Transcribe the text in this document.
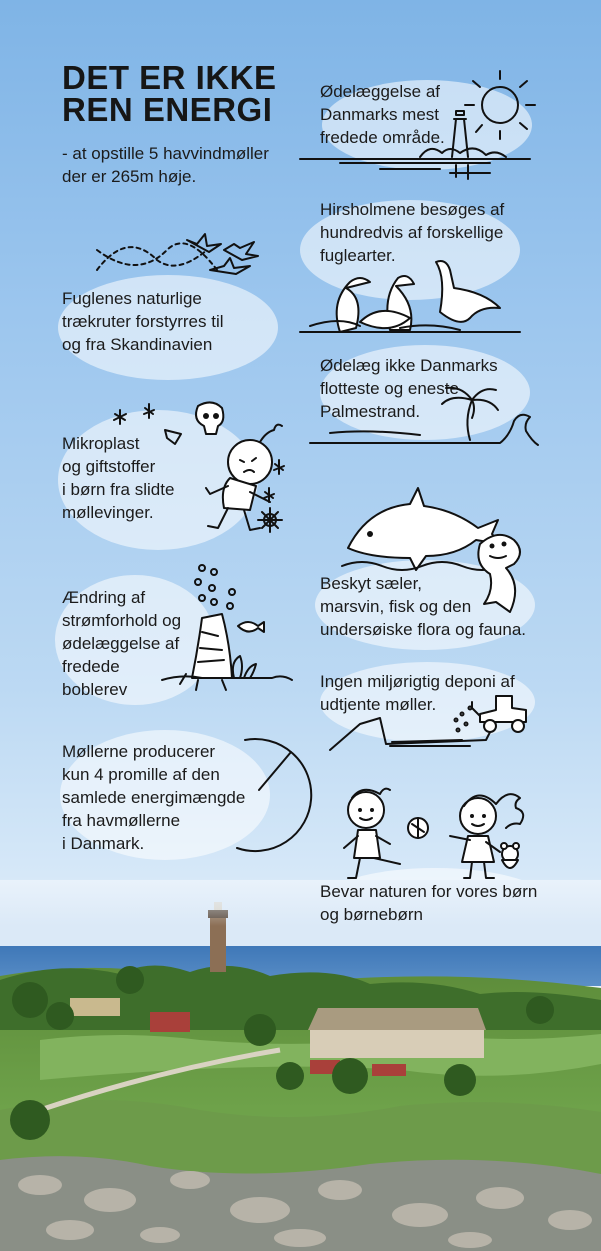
DET ER IKKE
REN ENERGI
- at opstille 5 havvindmøller
der er 265m høje.
Ødelæggelse af
Danmarks mest
fredede område.
Hirsholmene besøges af
hundredvis af forskellige
fuglearter.
Fuglenes naturlige
trækruter forstyrres til
og fra Skandinavien
Ødelæg ikke Danmarks
flotteste og eneste
Palmestrand.
Mikroplast
og giftstoffer
i børn fra slidte
møllevinger.
Beskyt sæler,
marsvin, fisk og den
undersøiske flora og fauna.
Ændring af
strømforhold og
ødelæggelse af
fredede
boblerev	Ingen miljørigtig deponi af
udtjente møller.
Møllerne producerer
kun 4 promille af den
samlede energimængde
fra havmøllerne
i Danmark.
Bevar naturen for vores børn
og børnebørn
